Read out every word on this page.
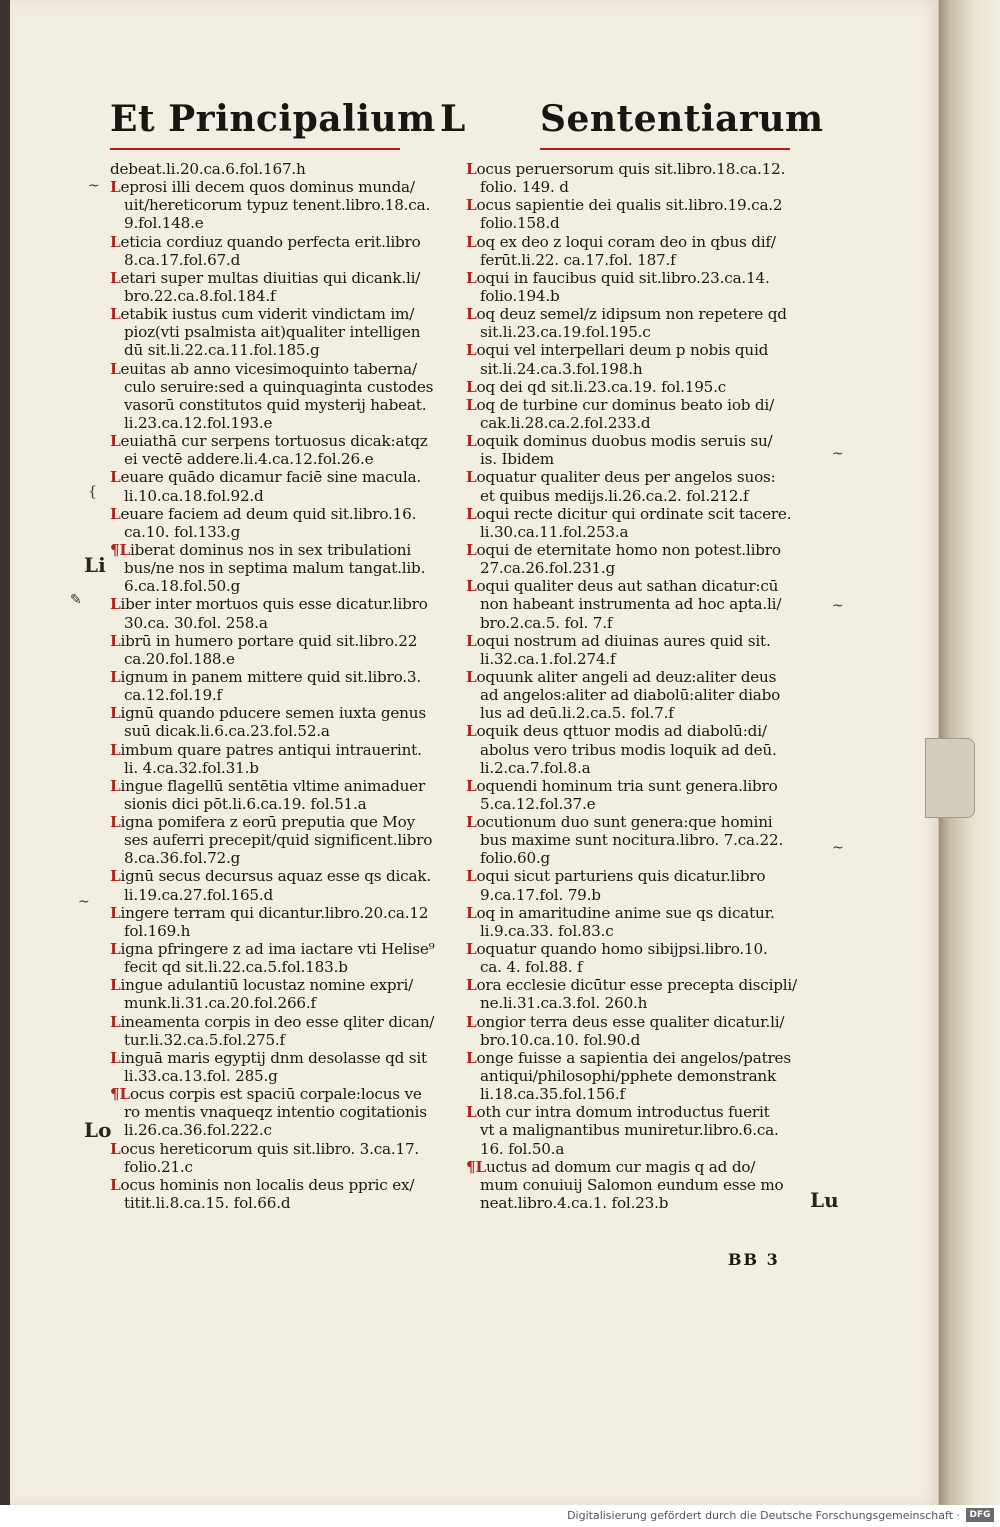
Et Principalium L Sententiarum
debeat.li.20.ca.6.fol.167.h
Leprosi illi decem quos dominus munda/
uit/hereticorum typuz tenent.libro.18.ca.
9.fol.148.e
Leticia cordiuz quando perfecta erit.libro
8.ca.17.fol.67.d
Letari super multas diuitias qui dicank.li/
bro.22.ca.8.fol.184.f
Letabik iustus cum viderit vindictam im/
pioz(vti psalmista ait)qualiter intelligen
dū sit.li.22.ca.11.fol.185.g
Leuitas ab anno vicesimoquinto taberna/
culo seruire:sed a quinquaginta custodes
vasorū constitutos quid mysterij habeat.
li.23.ca.12.fol.193.e
Leuiathā cur serpens tortuosus dicak:atqz
ei vectē addere.li.4.ca.12.fol.26.e
Leuare quādo dicamur faciē sine macula.
li.10.ca.18.fol.92.d
Leuare faciem ad deum quid sit.libro.16.
ca.10. fol.133.g
¶Liberat dominus nos in sex tribulationi
bus/ne nos in septima malum tangat.lib.
6.ca.18.fol.50.g
Liber inter mortuos quis esse dicatur.libro
30.ca. 30.fol. 258.a
Librū in humero portare quid sit.libro.22
ca.20.fol.188.e
Lignum in panem mittere quid sit.libro.3.
ca.12.fol.19.f
Lignū quando pducere semen iuxta genus
suū dicak.li.6.ca.23.fol.52.a
Limbum quare patres antiqui intrauerint.
li. 4.ca.32.fol.31.b
Lingue flagellū sentētia vltime animaduer
sionis dici pōt.li.6.ca.19. fol.51.a
Ligna pomifera z eorū preputia que Moy
ses auferri precepit/quid significent.libro
8.ca.36.fol.72.g
Lignū secus decursus aquaz esse qs dicak.
li.19.ca.27.fol.165.d
Lingere terram qui dicantur.libro.20.ca.12
fol.169.h
Ligna pfringere z ad ima iactare vti Helise⁹
fecit qd sit.li.22.ca.5.fol.183.b
Lingue adulantiū locustaz nomine expri/
munk.li.31.ca.20.fol.266.f
Lineamenta corpis in deo esse qliter dican/
tur.li.32.ca.5.fol.275.f
Linguā maris egyptij dnm desolasse qd sit
li.33.ca.13.fol. 285.g
¶Locus corpis est spaciū corpale:locus ve
ro mentis vnaqueqz intentio cogitationis
li.26.ca.36.fol.222.c
Locus hereticorum quis sit.libro. 3.ca.17.
folio.21.c
Locus hominis non localis deus ppric ex/
titit.li.8.ca.15. fol.66.d
Locus peruersorum quis sit.libro.18.ca.12.
folio. 149. d
Locus sapientie dei qualis sit.libro.19.ca.2
folio.158.d
Loq ex deo z loqui coram deo in qbus dif/
ferūt.li.22. ca.17.fol. 187.f
Loqui in faucibus quid sit.libro.23.ca.14.
folio.194.b
Loq deuz semel/z idipsum non repetere qd
sit.li.23.ca.19.fol.195.c
Loqui vel interpellari deum p nobis quid
sit.li.24.ca.3.fol.198.h
Loq dei qd sit.li.23.ca.19. fol.195.c
Loq de turbine cur dominus beato iob di/
cak.li.28.ca.2.fol.233.d
Loquik dominus duobus modis seruis su/
is. Ibidem
Loquatur qualiter deus per angelos suos:
et quibus medijs.li.26.ca.2. fol.212.f
Loqui recte dicitur qui ordinate scit tacere.
li.30.ca.11.fol.253.a
Loqui de eternitate homo non potest.libro
27.ca.26.fol.231.g
Loqui qualiter deus aut sathan dicatur:cū
non habeant instrumenta ad hoc apta.li/
bro.2.ca.5. fol. 7.f
Loqui nostrum ad diuinas aures quid sit.
li.32.ca.1.fol.274.f
Loquunk aliter angeli ad deuz:aliter deus
ad angelos:aliter ad diabolū:aliter diabo
lus ad deū.li.2.ca.5. fol.7.f
Loquik deus qttuor modis ad diabolū:di/
abolus vero tribus modis loquik ad deū.
li.2.ca.7.fol.8.a
Loquendi hominum tria sunt genera.libro
5.ca.12.fol.37.e
Locutionum duo sunt genera:que homini
bus maxime sunt nocitura.libro. 7.ca.22.
folio.60.g
Loqui sicut parturiens quis dicatur.libro
9.ca.17.fol. 79.b
Loq in amaritudine anime sue qs dicatur.
li.9.ca.33. fol.83.c
Loquatur quando homo sibijpsi.libro.10.
ca. 4. fol.88. f
Lora ecclesie dicūtur esse precepta discipli/
ne.li.31.ca.3.fol. 260.h
Longior terra deus esse qualiter dicatur.li/
bro.10.ca.10. fol.90.d
Longe fuisse a sapientia dei angelos/patres
antiqui/philosophi/pphete demonstrank
li.18.ca.35.fol.156.f
Loth cur intra domum introductus fuerit
vt a malignantibus muniretur.libro.6.ca.
16. fol.50.a
¶Luctus ad domum cur magis q ad do/
mum conuiuij Salomon eundum esse mo
neat.libro.4.ca.1. fol.23.b
Li
Lo
Lu
~
~
{
✎	~
~
~
BB 3
Digitalisierung gefördert durch die Deutsche Forschungsgemeinschaft ·	DFG
